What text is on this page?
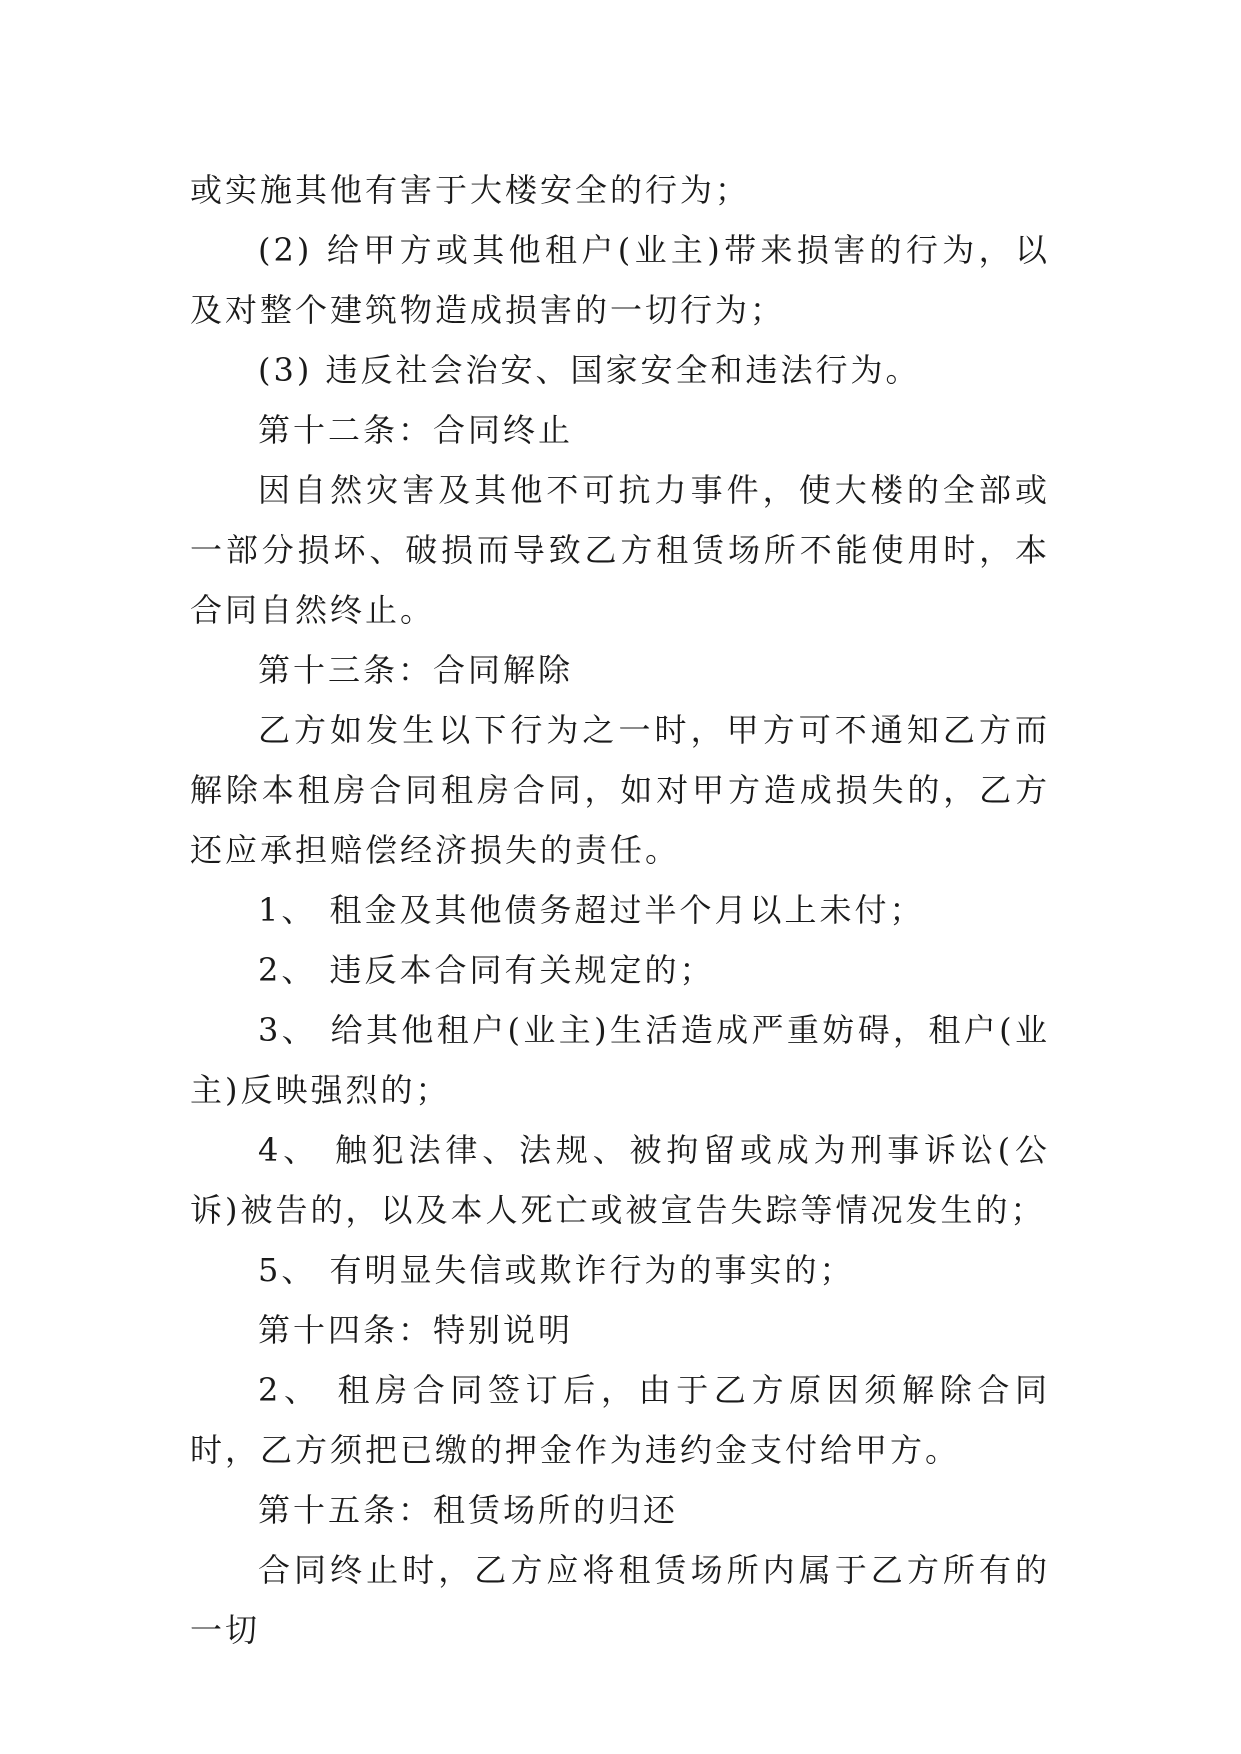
或实施其他有害于大楼安全的行为；

(2) 给甲方或其他租户(业主)带来损害的行为，以及对整个建筑物造成损害的一切行为；

(3) 违反社会治安、国家安全和违法行为。

第十二条：合同终止

因自然灾害及其他不可抗力事件，使大楼的全部或一部分损坏、破损而导致乙方租赁场所不能使用时，本合同自然终止。

第十三条：合同解除

乙方如发生以下行为之一时，甲方可不通知乙方而解除本租房合同租房合同，如对甲方造成损失的，乙方还应承担赔偿经济损失的责任。

1、 租金及其他债务超过半个月以上未付；

2、 违反本合同有关规定的；

3、 给其他租户(业主)生活造成严重妨碍，租户(业主)反映强烈的；

4、 触犯法律、法规、被拘留或成为刑事诉讼(公诉)被告的，以及本人死亡或被宣告失踪等情况发生的；

5、 有明显失信或欺诈行为的事实的；

第十四条：特别说明

2、 租房合同签订后，由于乙方原因须解除合同时，乙方须把已缴的押金作为违约金支付给甲方。

第十五条：租赁场所的归还

合同终止时，乙方应将租赁场所内属于乙方所有的一切
